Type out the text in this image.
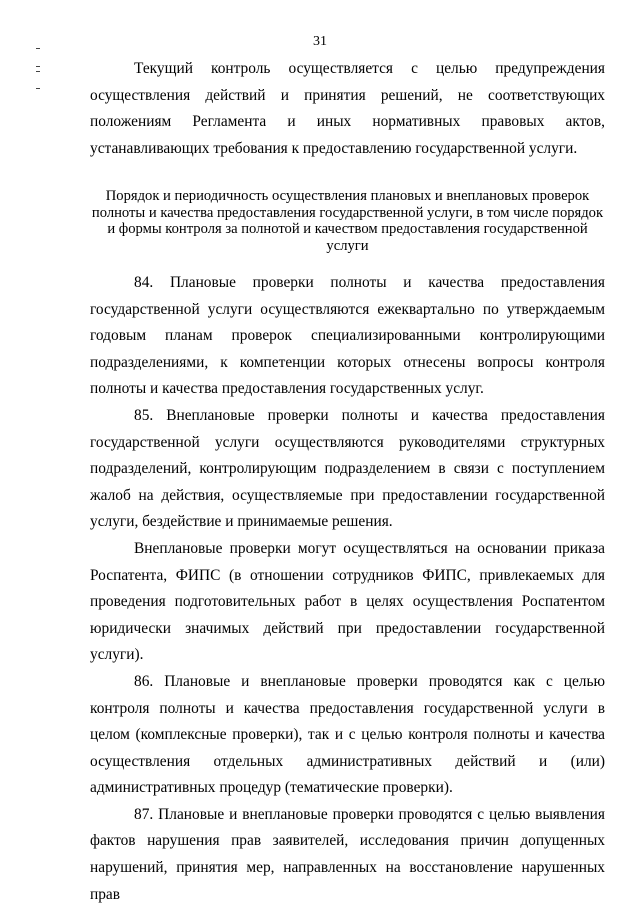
31

Текущий контроль осуществляется с целью предупреждения осуществления действий и принятия решений, не соответствующих положениям Регламента и иных нормативных правовых актов, устанавливающих требования к предоставлению государственной услуги.

Порядок и периодичность осуществления плановых и внеплановых проверок полноты и качества предоставления государственной услуги, в том числе порядок и формы контроля за полнотой и качеством предоставления государственной услуги

84. Плановые проверки полноты и качества предоставления государственной услуги осуществляются ежеквартально по утверждаемым годовым планам проверок специализированными контролирующими подразделениями, к компетенции которых отнесены вопросы контроля полноты и качества предоставления государственных услуг.

85. Внеплановые проверки полноты и качества предоставления государственной услуги осуществляются руководителями структурных подразделений, контролирующим подразделением в связи с поступлением жалоб на действия, осуществляемые при предоставлении государственной услуги, бездействие и принимаемые решения.

Внеплановые проверки могут осуществляться на основании приказа Роспатента, ФИПС (в отношении сотрудников ФИПС, привлекаемых для проведения подготовительных работ в целях осуществления Роспатентом юридически значимых действий при предоставлении государственной услуги).

86. Плановые и внеплановые проверки проводятся как с целью контроля полноты и качества предоставления государственной услуги в целом (комплексные проверки), так и с целью контроля полноты и качества осуществления отдельных административных действий и (или) административных процедур (тематические проверки).

87. Плановые и внеплановые проверки проводятся с целью выявления фактов нарушения прав заявителей, исследования причин допущенных нарушений, принятия мер, направленных на восстановление нарушенных прав
